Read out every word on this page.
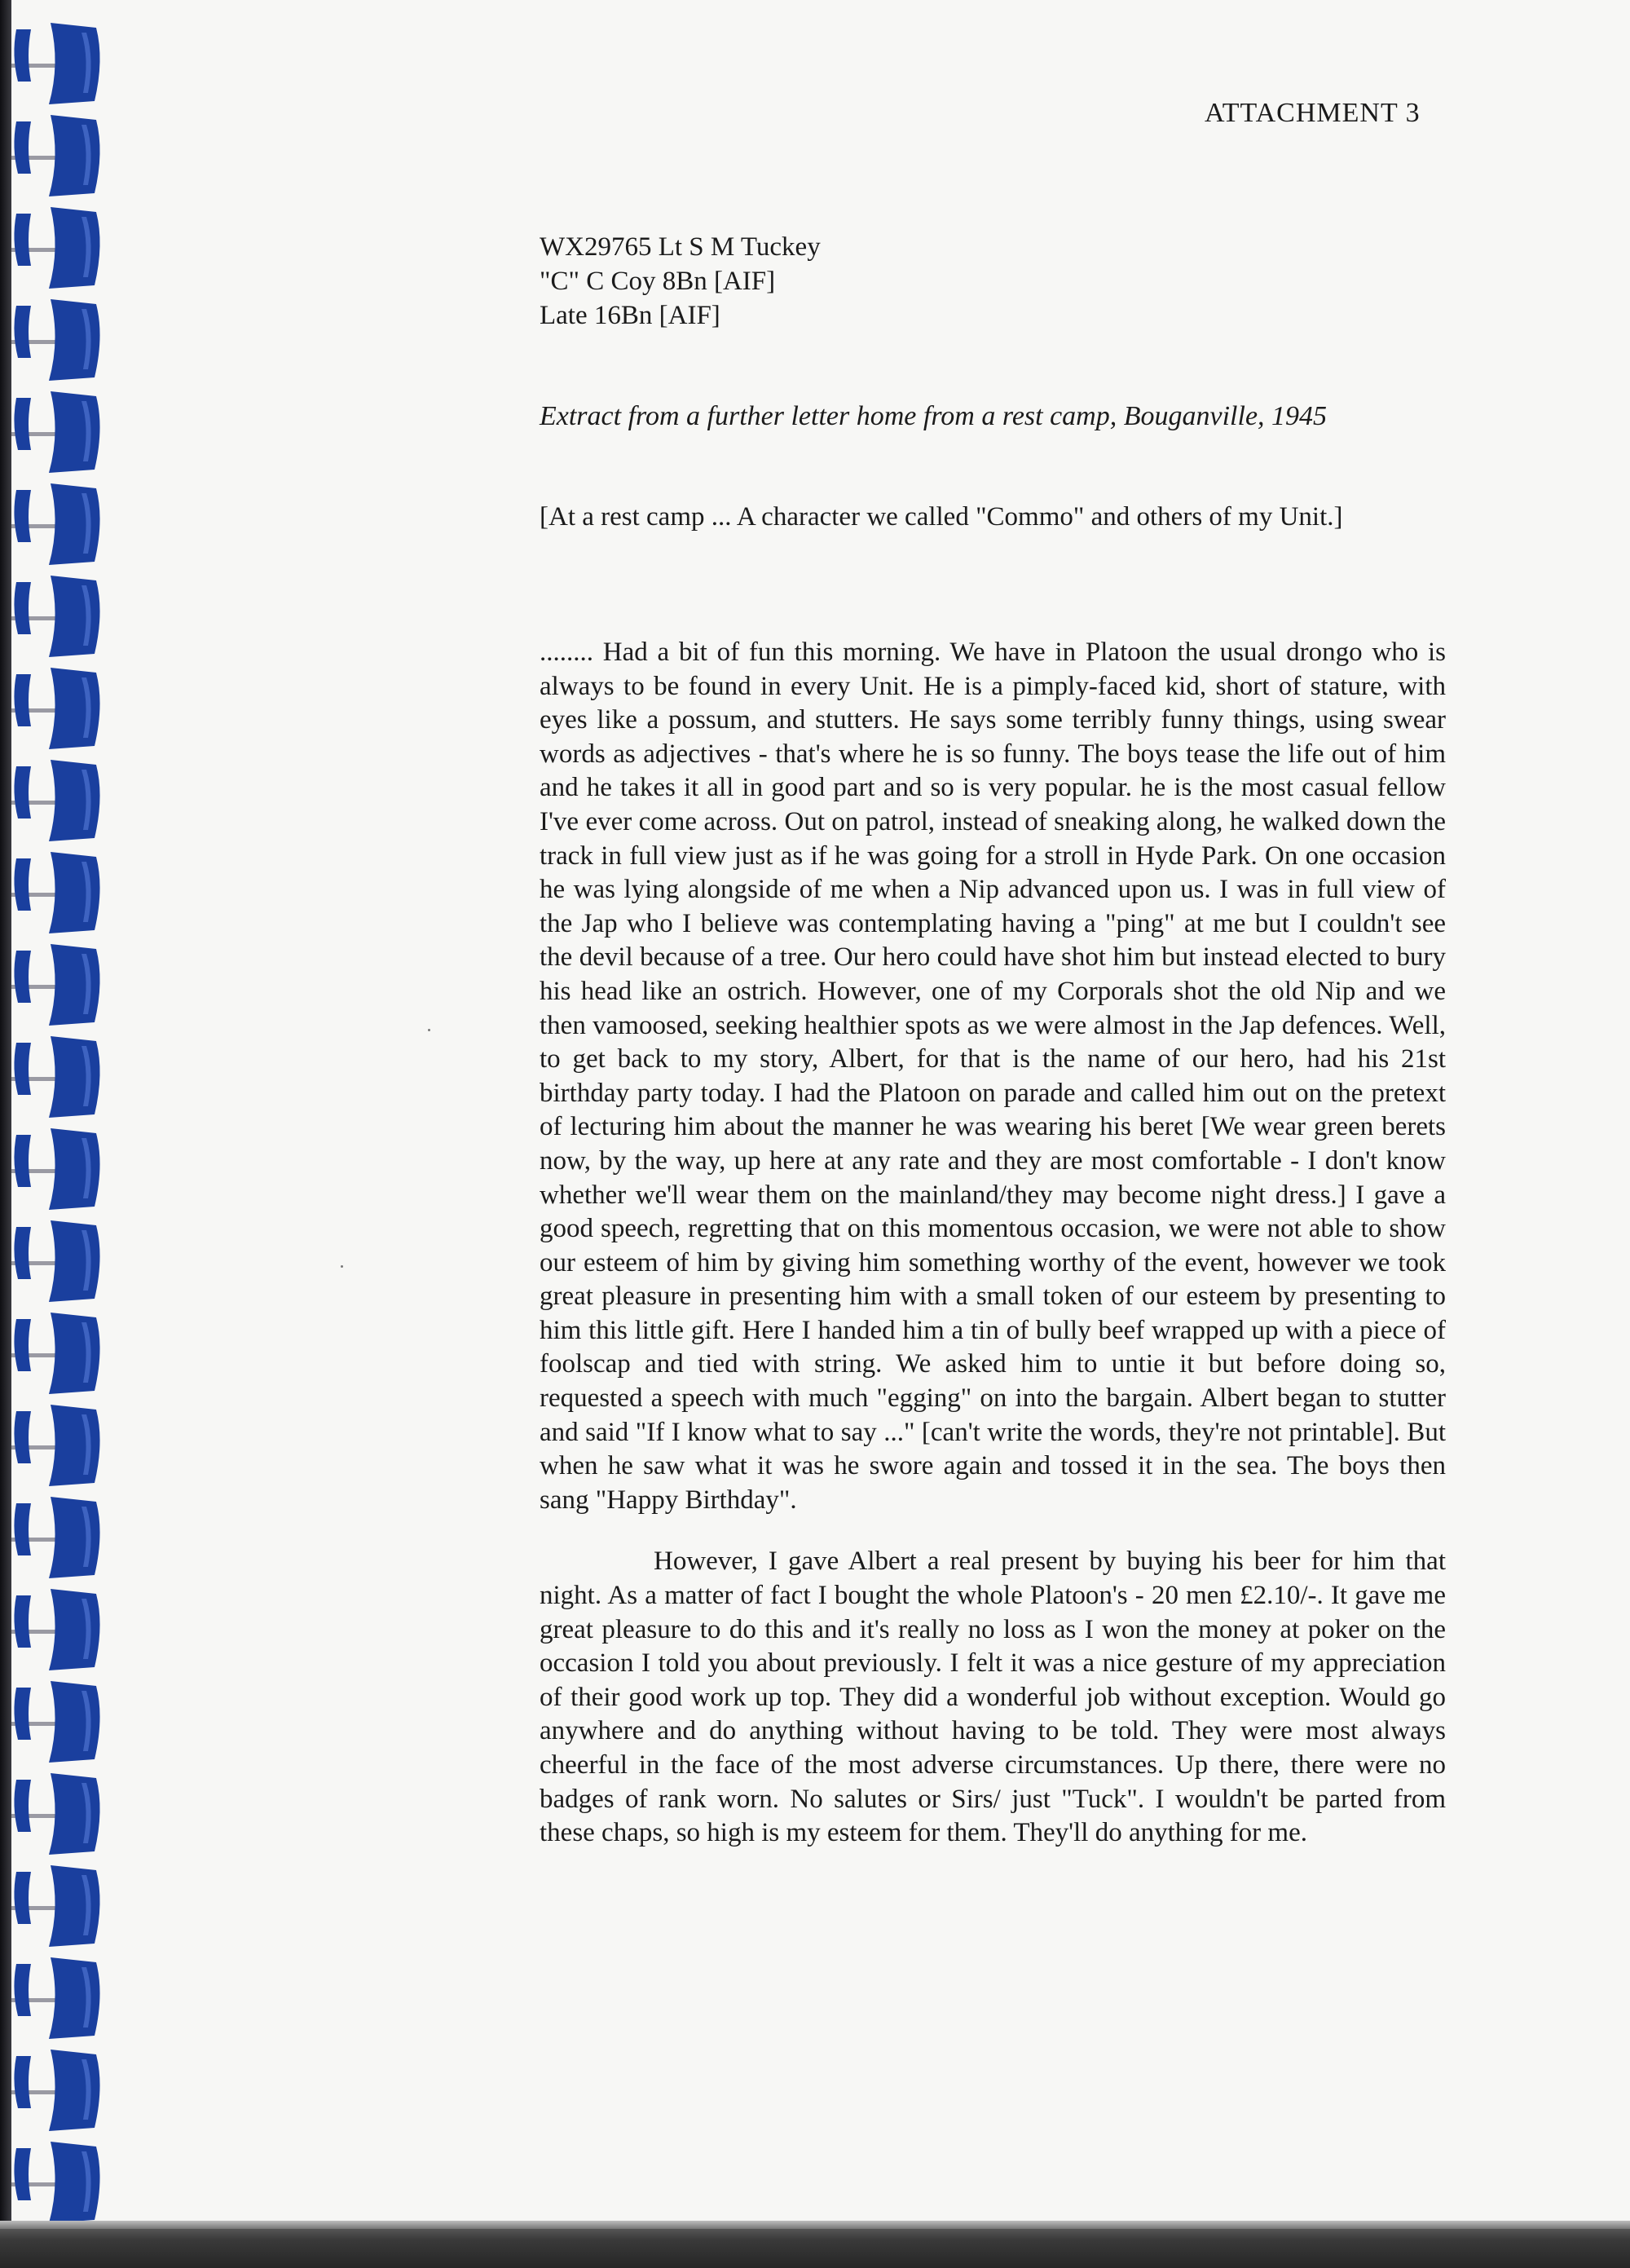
ATTACHMENT 3
WX29765 Lt S M Tuckey
"C" C Coy 8Bn [AIF]
Late 16Bn [AIF]
Extract from a further letter home from a rest camp, Bouganville, 1945
[At a rest camp ... A character we called "Commo" and others of my Unit.]

........ Had a bit of fun this morning. We have in Platoon the usual drongo who is always to be found in every Unit. He is a pimply-faced kid, short of stature, with eyes like a possum, and stutters. He says some terribly funny things, using swear words as adjectives - that's where he is so funny. The boys tease the life out of him and he takes it all in good part and so is very popular. he is the most casual fellow I've ever come across. Out on patrol, instead of sneaking along, he walked down the track in full view just as if he was going for a stroll in Hyde Park. On one occasion he was lying alongside of me when a Nip advanced upon us. I was in full view of the Jap who I believe was contemplating having a "ping" at me but I couldn't see the devil because of a tree. Our hero could have shot him but instead elected to bury his head like an ostrich. However, one of my Corporals shot the old Nip and we then vamoosed, seeking healthier spots as we were almost in the Jap defences. Well, to get back to my story, Albert, for that is the name of our hero, had his 21st birthday party today. I had the Platoon on parade and called him out on the pretext of lecturing him about the manner he was wearing his beret [We wear green berets now, by the way, up here at any rate and they are most comfortable - I don't know whether we'll wear them on the mainland/they may become night dress.] I gave a good speech, regretting that on this momentous occasion, we were not able to show our esteem of him by giving him something worthy of the event, however we took great pleasure in presenting him with a small token of our esteem by presenting to him this little gift. Here I handed him a tin of bully beef wrapped up with a piece of foolscap and tied with string. We asked him to untie it but before doing so, requested a speech with much "egging" on into the bargain. Albert began to stutter and said "If I know what to say ..." [can't write the words, they're not printable]. But when he saw what it was he swore again and tossed it in the sea. The boys then sang "Happy Birthday".

However, I gave Albert a real present by buying his beer for him that night. As a matter of fact I bought the whole Platoon's - 20 men £2.10/-. It gave me great pleasure to do this and it's really no loss as I won the money at poker on the occasion I told you about previously. I felt it was a nice gesture of my appreciation of their good work up top. They did a wonderful job without exception. Would go anywhere and do anything without having to be told. They were most always cheerful in the face of the most adverse circumstances. Up there, there were no badges of rank worn. No salutes or Sirs/ just "Tuck". I wouldn't be parted from these chaps, so high is my esteem for them. They'll do anything for me.
